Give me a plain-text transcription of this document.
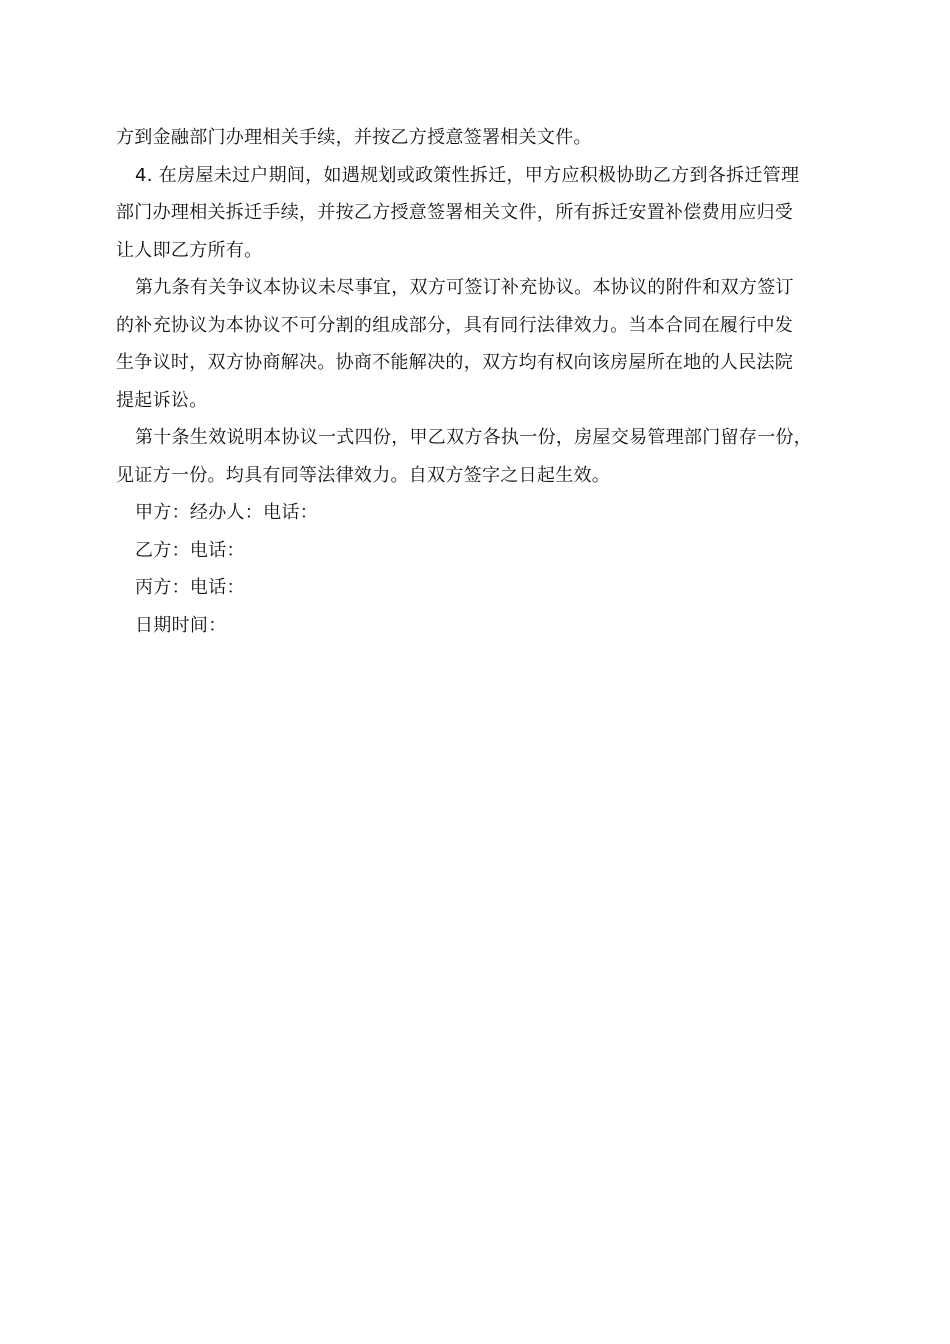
方到金融部门办理相关手续，并按乙方授意签署相关文件。
4. 在房屋未过户期间，如遇规划或政策性拆迁，甲方应积极协助乙方到各拆迁管理
部门办理相关拆迁手续，并按乙方授意签署相关文件，所有拆迁安置补偿费用应归受
让人即乙方所有。
第九条有关争议本协议未尽事宜，双方可签订补充协议。本协议的附件和双方签订
的补充协议为本协议不可分割的组成部分，具有同行法律效力。当本合同在履行中发
生争议时，双方协商解决。协商不能解决的，双方均有权向该房屋所在地的人民法院
提起诉讼。
第十条生效说明本协议一式四份，甲乙双方各执一份，房屋交易管理部门留存一份，
见证方一份。均具有同等法律效力。自双方签字之日起生效。
甲方：经办人：电话：
乙方：电话：
丙方：电话：
日期时间：
